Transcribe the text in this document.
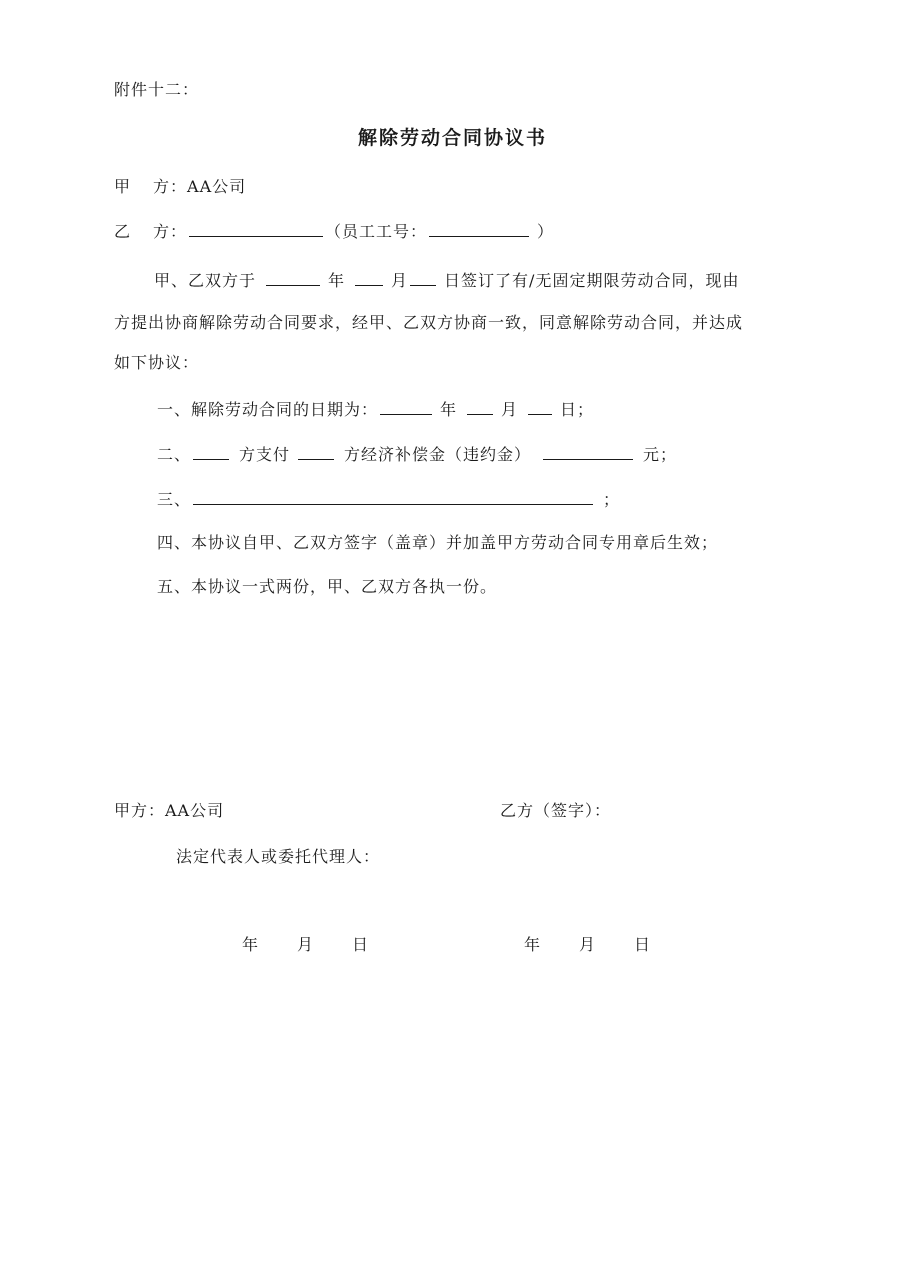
附件十二：
解除劳动合同协议书
甲 方：AA公司
乙 方：	（员工工号：	）
甲、乙双方于	年	月 日签订了有/无固定期限劳动合同，现由
方提出协商解除劳动合同要求，经甲、乙双方协商一致，同意解除劳动合同，并达成
如下协议：
一、解除劳动合同的日期为：	年	月	日；
二、	方支付	方经济补偿金（违约金）	元；
三、	；
四、本协议自甲、乙双方签字（盖章）并加盖甲方劳动合同专用章后生效；
五、本协议一式两份，甲、乙双方各执一份。
甲方：AA公司	乙方（签字）：
法定代表人或委托代理人：
年 月 日	年 月 日
